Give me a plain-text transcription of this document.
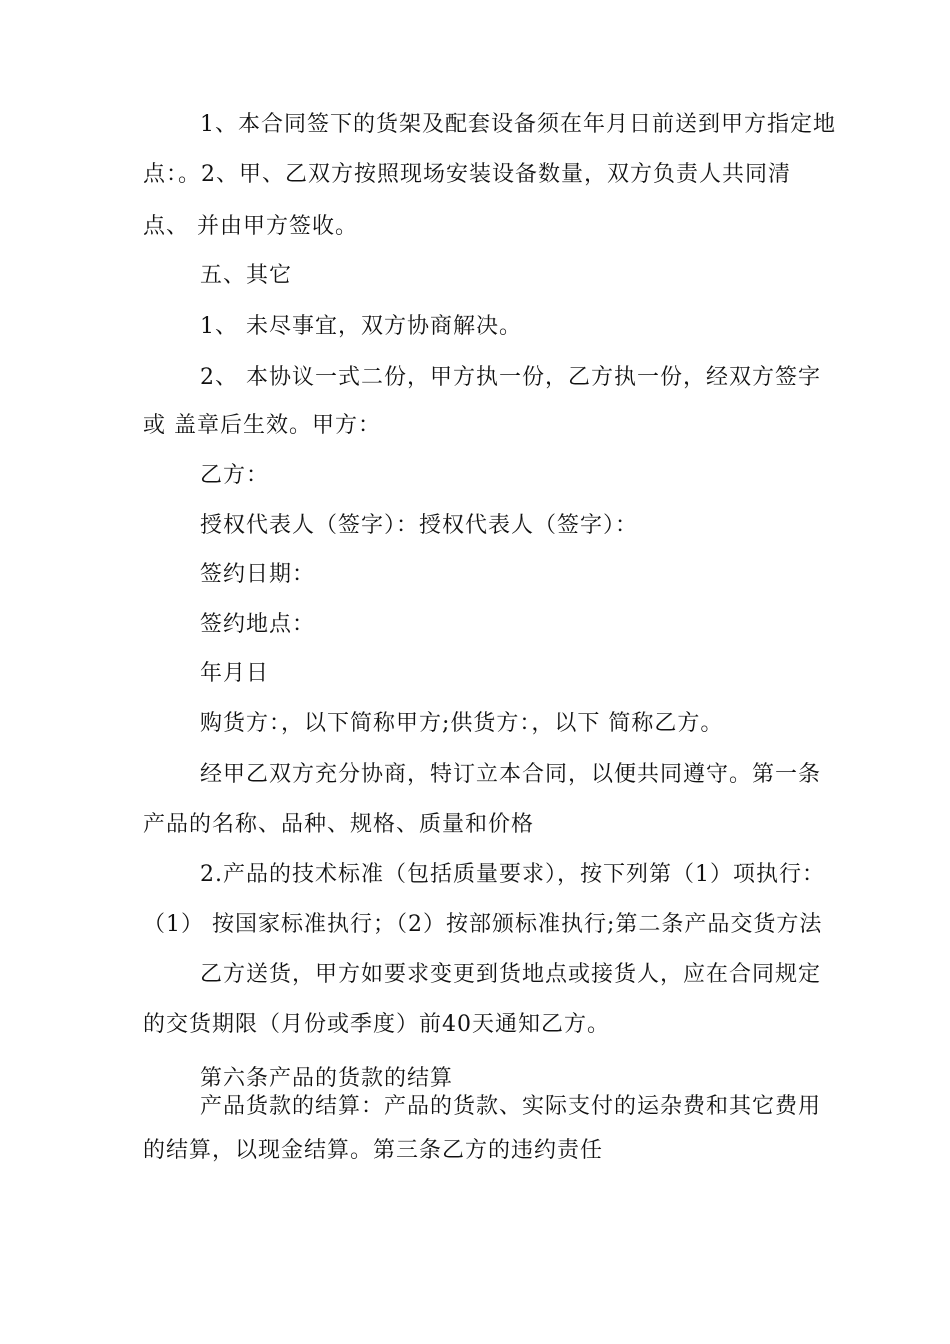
1、本合同签下的货架及配套设备须在年月日前送到甲方指定地
点：。2、甲、乙双方按照现场安装设备数量，双方负责人共同清
点、 并由甲方签收。
五、其它
1、 未尽事宜，双方协商解决。
2、 本协议一式二份，甲方执一份，乙方执一份，经双方签字
或 盖章后生效。甲方：
乙方：
授权代表人（签字）：授权代表人（签字）：
签约日期：
签约地点：
年月日
购货方：，以下简称甲方;供货方：，以下 简称乙方。
经甲乙双方充分协商，特订立本合同，以便共同遵守。第一条
产品的名称、品种、规格、质量和价格
2.产品的技术标准（包括质量要求），按下列第（1）项执行：
（1） 按国家标准执行；（2）按部颁标准执行;第二条产品交货方法
乙方送货，甲方如要求变更到货地点或接货人，应在合同规定
的交货期限（月份或季度）前40天通知乙方。
第六条产品的货款的结算
产品货款的结算：产品的货款、实际支付的运杂费和其它费用
的结算，以现金结算。第三条乙方的违约责任
